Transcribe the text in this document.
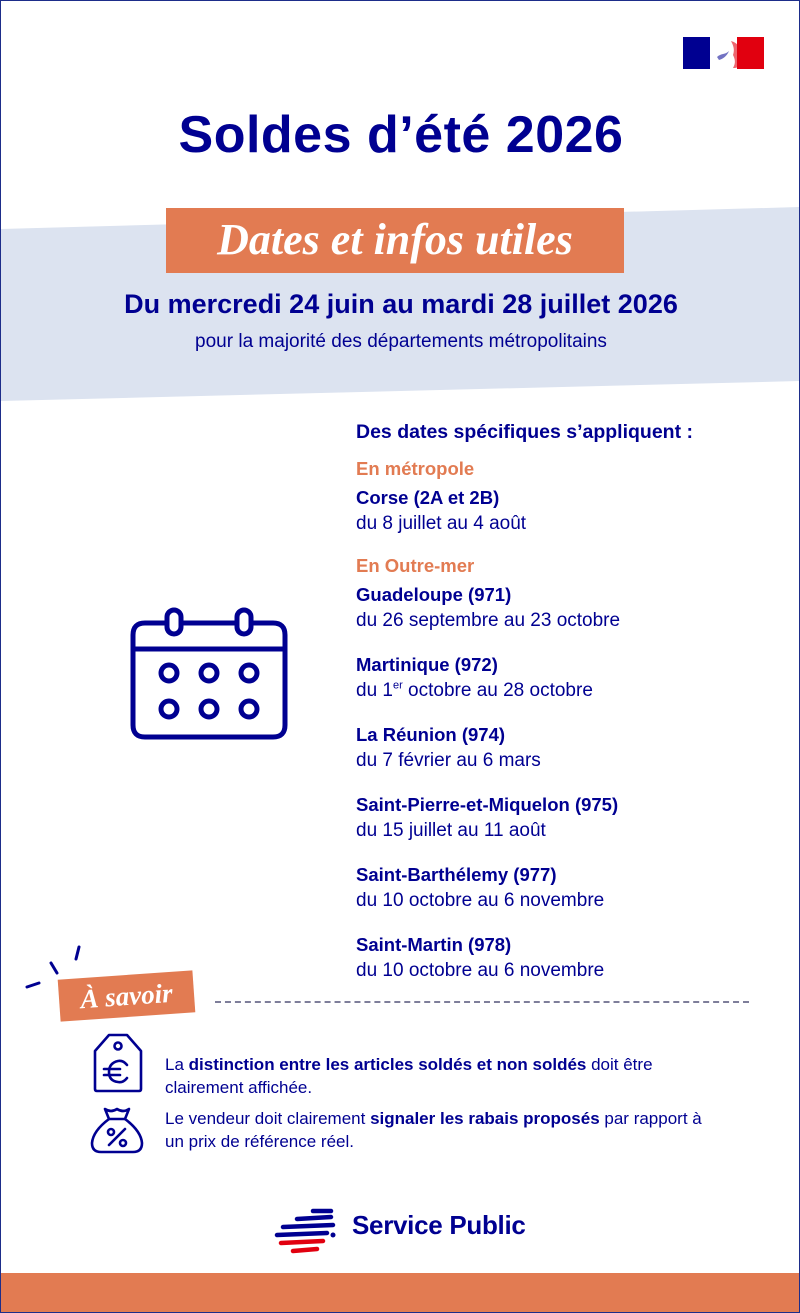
Soldes d’été 2026
Dates et infos utiles
Du mercredi 24 juin au mardi 28 juillet 2026
pour la majorité des départements métropolitains
Des dates spécifiques s’appliquent :
En métropole
Corse (2A et 2B)
du 8 juillet au 4 août
En Outre-mer
Guadeloupe (971)
du 26 septembre au 23 octobre
Martinique (972)
du 1er octobre au 28 octobre
La Réunion (974)
du 7 février au 6 mars
Saint-Pierre-et-Miquelon (975)
du 15 juillet au 11 août
Saint-Barthélemy (977)
du 10 octobre au 6 novembre
Saint-Martin (978)
du 10 octobre au 6 novembre
À savoir
La distinction entre les articles soldés et non soldés doit être clairement affichée.
Le vendeur doit clairement signaler les rabais proposés par rapport à un prix de référence réel.
Service Public
